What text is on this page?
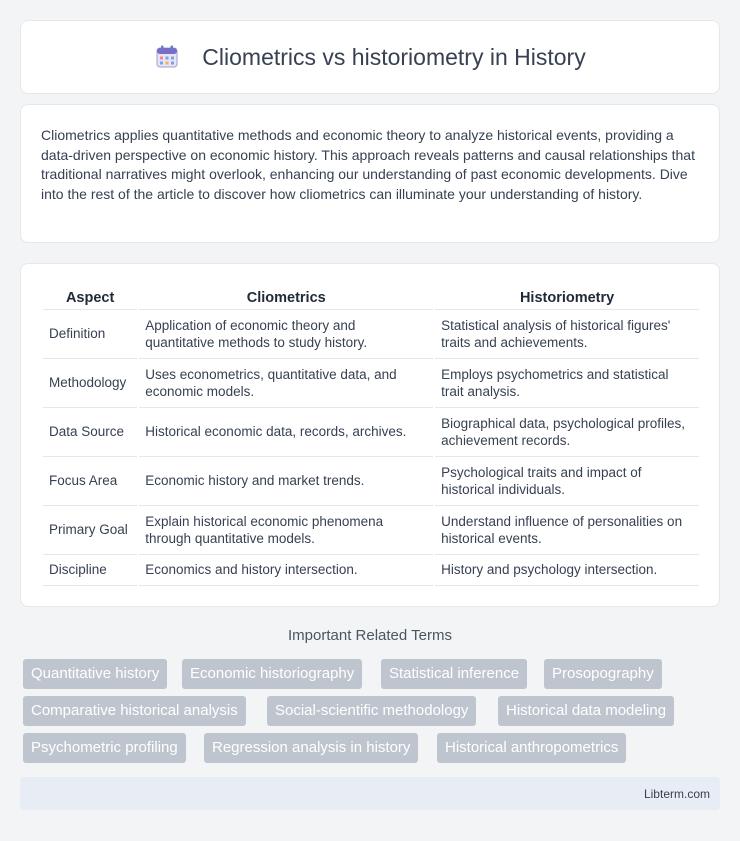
Cliometrics vs historiometry in History

Cliometrics applies quantitative methods and economic theory to analyze historical events, providing a data-driven perspective on economic history. This approach reveals patterns and causal relationships that traditional narratives might overlook, enhancing our understanding of past economic developments. Dive into the rest of the article to discover how cliometrics can illuminate your understanding of history.

Aspect	Cliometrics	Historiometry
Definition	Application of economic theory and quantitative methods to study history.	Statistical analysis of historical figures' traits and achievements.
Methodology	Uses econometrics, quantitative data, and economic models.	Employs psychometrics and statistical trait analysis.
Data Source	Historical economic data, records, archives.	Biographical data, psychological profiles, achievement records.
Focus Area	Economic history and market trends.	Psychological traits and impact of historical individuals.
Primary Goal	Explain historical economic phenomena through quantitative models.	Understand influence of personalities on historical events.
Discipline	Economics and history intersection.	History and psychology intersection.
Important Related Terms
Quantitative history	Economic historiography	Statistical inference	Prosopography
Comparative historical analysis	Social-scientific methodology	Historical data modeling
Psychometric profiling	Regression analysis in history	Historical anthropometrics
Libterm.com
